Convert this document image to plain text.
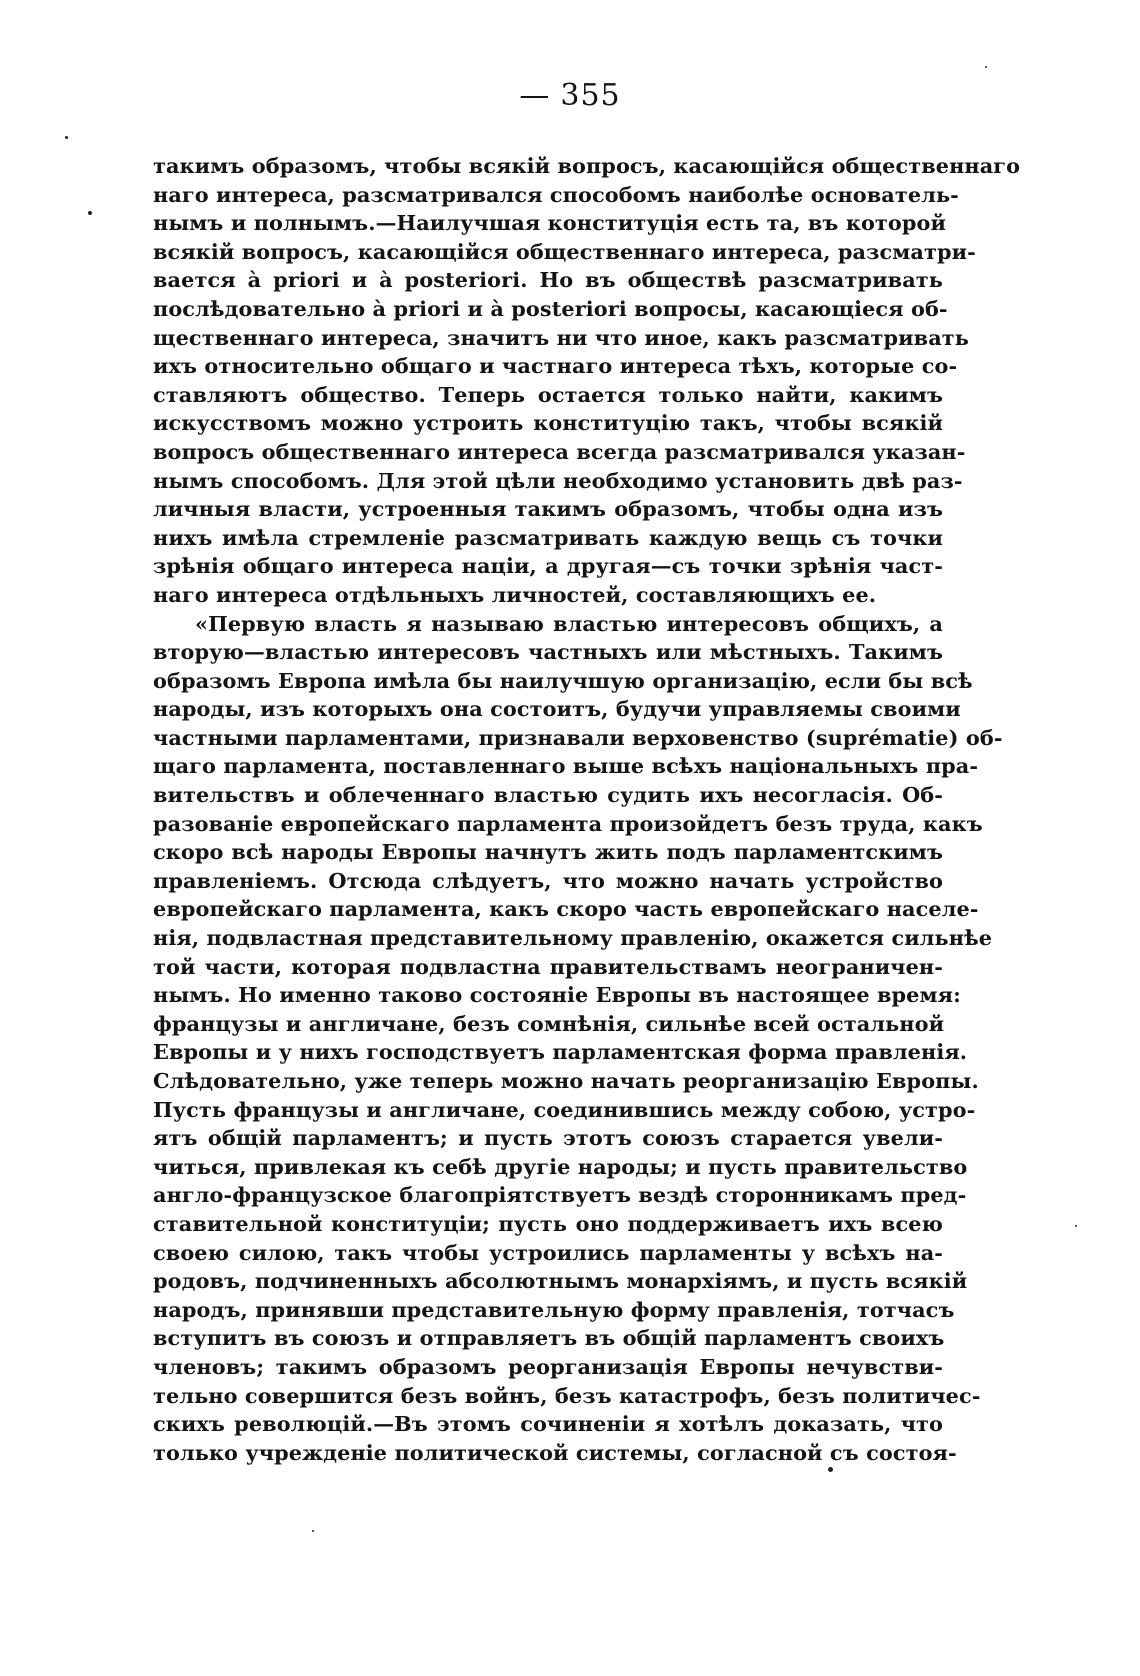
— 355
такимъ образомъ, чтобы всякій вопросъ, касающійся общественнаго
наго интереса, разсматривался способомъ наиболѣе основатель-
нымъ и полнымъ.—Наилучшая конституція есть та, въ которой
всякій вопросъ, касающійся общественнаго интереса, разсматри-
вается à priori и à posteriori. Но въ обществѣ разсматривать
послѣдовательно à priori и à posteriori вопросы, касающіеся об-
щественнаго интереса, значитъ ни что иное, какъ разсматривать
ихъ относительно общаго и частнаго интереса тѣхъ, которые со-
ставляютъ общество. Теперь остается только найти, какимъ
искусствомъ можно устроить конституцію такъ, чтобы всякій
вопросъ общественнаго интереса всегда разсматривался указан-
нымъ способомъ. Для этой цѣли необходимо установить двѣ раз-
личныя власти, устроенныя такимъ образомъ, чтобы одна изъ
нихъ имѣла стремленіе разсматривать каждую вещь съ точки
зрѣнія общаго интереса націи, а другая—съ точки зрѣнія част-
наго интереса отдѣльныхъ личностей, составляющихъ ее.
«Первую власть я называю властью интересовъ общихъ, а
вторую—властью интересовъ частныхъ или мѣстныхъ. Такимъ
образомъ Европа имѣла бы наилучшую организацію, если бы всѣ
народы, изъ которыхъ она состоитъ, будучи управляемы своими
частными парламентами, признавали верховенство (suprématie) об-
щаго парламента, поставленнаго выше всѣхъ національныхъ пра-
вительствъ и облеченнаго властью судить ихъ несогласія. Об-
разованіе европейскаго парламента произойдетъ безъ труда, какъ
скоро всѣ народы Европы начнутъ жить подъ парламентскимъ
правленіемъ. Отсюда слѣдуетъ, что можно начать устройство
европейскаго парламента, какъ скоро часть европейскаго населе-
нія, подвластная представительному правленію, окажется сильнѣе
той части, которая подвластна правительствамъ неограничен-
нымъ. Но именно таково состояніе Европы въ настоящее время:
французы и англичане, безъ сомнѣнія, сильнѣе всей остальной
Европы и у нихъ господствуетъ парламентская форма правленія.
Слѣдовательно, уже теперь можно начать реорганизацію Европы.
Пусть французы и англичане, соединившись между собою, устро-
ятъ общій парламентъ; и пусть этотъ союзъ старается увели-
читься, привлекая къ себѣ другіе народы; и пусть правительство
англо-французское благопріятствуетъ вездѣ сторонникамъ пред-
ставительной конституціи; пусть оно поддерживаетъ ихъ всею
своею силою, такъ чтобы устроились парламенты у всѣхъ на-
родовъ, подчиненныхъ абсолютнымъ монархіямъ, и пусть всякій
народъ, принявши представительную форму правленія, тотчасъ
вступитъ въ союзъ и отправляетъ въ общій парламентъ своихъ
членовъ; такимъ образомъ реорганизація Европы нечувстви-
тельно совершится безъ войнъ, безъ катастрофъ, безъ политичес-
скихъ революцій.—Въ этомъ сочиненіи я хотѣлъ доказать, что
только учрежденіе политической системы, согласной съ состоя-
